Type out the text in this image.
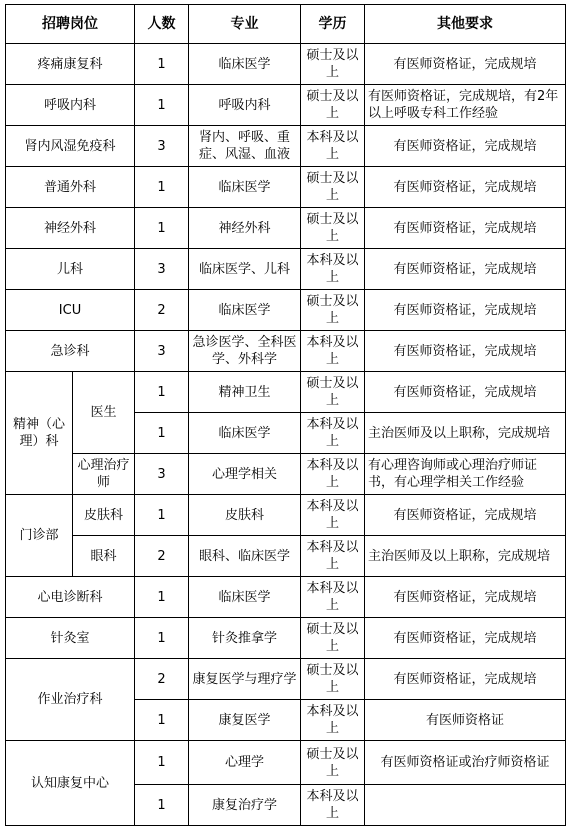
招聘岗位		人数	专业	学历	其他要求
疼痛康复科		1	临床医学	硕士及以上	有医师资格证，完成规培
呼吸内科		1	呼吸内科	硕士及以上	有医师资格证，完成规培，有2年以上呼吸专科工作经验
肾内风湿免疫科		3	肾内、呼吸、重症、风湿、血液	本科及以上	有医师资格证，完成规培
普通外科		1	临床医学	硕士及以上	有医师资格证，完成规培
神经外科		1	神经外科	硕士及以上	有医师资格证，完成规培
儿科		3	临床医学、儿科	本科及以上	有医师资格证，完成规培
ICU		2	临床医学	硕士及以上	有医师资格证，完成规培
急诊科		3	急诊医学、全科医学、外科学	本科及以上	有医师资格证，完成规培
精神（心理）科	医生	1	精神卫生	硕士及以上	有医师资格证，完成规培
		1	临床医学	本科及以上	主治医师及以上职称，完成规培
	心理治疗师	3	心理学相关	本科及以上	有心理咨询师或心理治疗师证书，有心理学相关工作经验
门诊部	皮肤科	1	皮肤科	本科及以上	有医师资格证，完成规培
	眼科	2	眼科、临床医学	本科及以上	主治医师及以上职称，完成规培
心电诊断科		1	临床医学	本科及以上	有医师资格证，完成规培
针灸室		1	针灸推拿学	硕士及以上	有医师资格证，完成规培
作业治疗科		2	康复医学与理疗学	硕士及以上	有医师资格证，完成规培
		1	康复医学	本科及以上	有医师资格证
认知康复中心		1	心理学	硕士及以上	有医师资格证或治疗师资格证
		1	康复治疗学	本科及以上	
